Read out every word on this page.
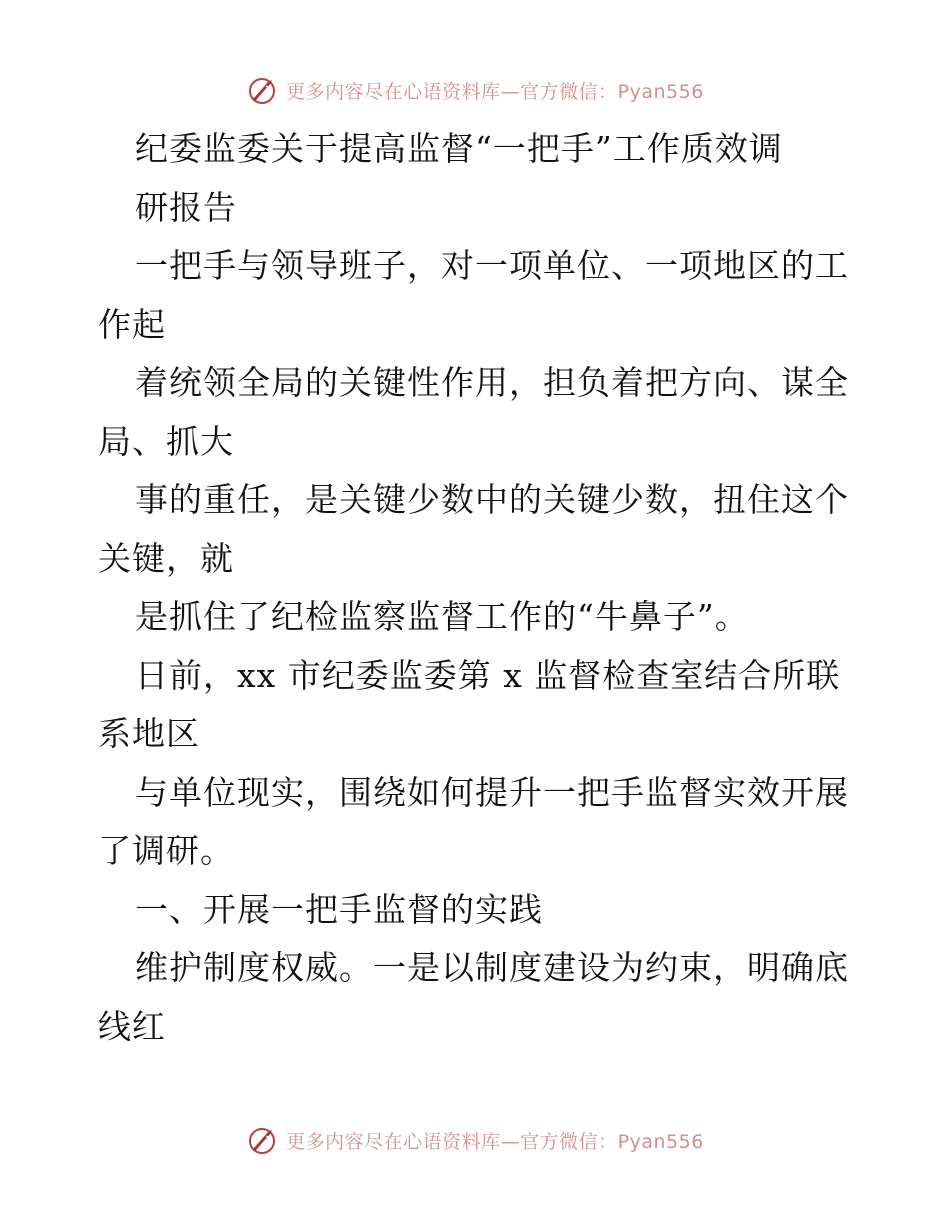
更多内容尽在心语资料库—官方微信：Pyan556
纪委监委关于提高监督“一把手”工作质效调
研报告
一把手与领导班子，对一项单位、一项地区的工
作起
着统领全局的关键性作用，担负着把方向、谋全
局、抓大
事的重任，是关键少数中的关键少数，扭住这个
关键，就
是抓住了纪检监察监督工作的“牛鼻子”。
日前，xx 市纪委监委第 x 监督检查室结合所联
系地区
与单位现实，围绕如何提升一把手监督实效开展
了调研。
一、开展一把手监督的实践
维护制度权威。一是以制度建设为约束，明确底
线红
更多内容尽在心语资料库—官方微信：Pyan556
